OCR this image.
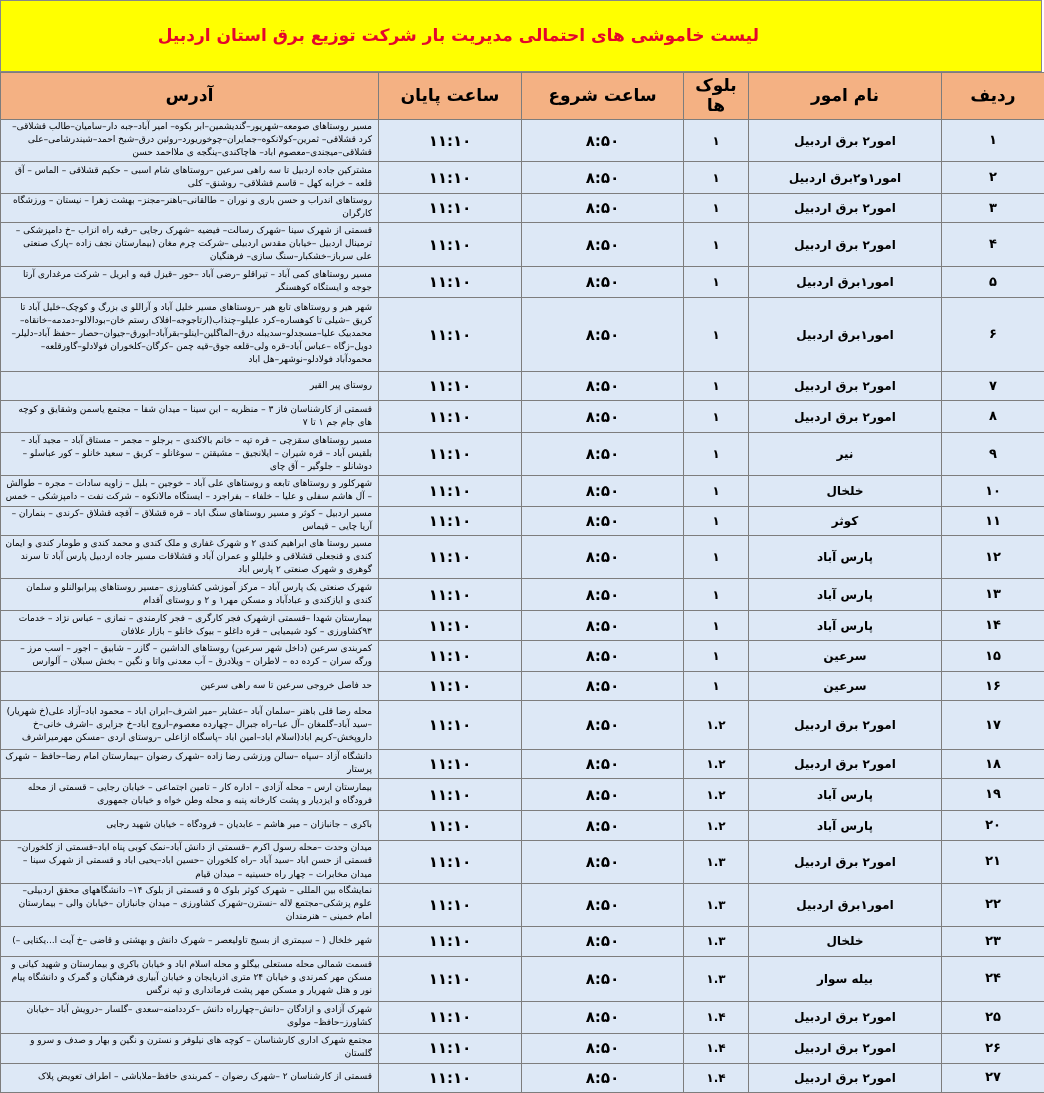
لیست خاموشی های احتمالی مدیریت بار شرکت توزیع برق استان اردبیل
ردیف	نام امور	بلوک ها	ساعت شروع	ساعت پایان	آدرس
۱	امور۲ برق اردبیل	۱	۸:۵۰	۱۱:۱۰	مسیر روستاهای صومعه–شهریور–گندیشمین–ابر بکوه– امیر آباد–جبه دار–سامیان–طالب قشلاقی–کرد قشلاقی– ثمرین–کولانکوه–جمایران–چوخوریورد–روئین درق–شیخ احمد–شیندرشامی–علی قشلاقی–میجندی–معصوم اباد– هاچاکندی–ینگجه ی ملااحمد حسن
۲	امور۱و۲برق اردبیل	۱	۸:۵۰	۱۱:۱۰	مشترکین جاده اردبیل تا سه راهی سرعین –روستاهای شام اسبی – حکیم قشلاقی – الماس – آق قلعه – خرابه کهل – قاسم قشلاقی– روشنق– کلی
۳	امور۲ برق اردبیل	۱	۸:۵۰	۱۱:۱۰	روستاهای اندراب و حسن باری و نوران – طالقانی–باهنر–مجنز– بهشت زهرا – نیستان – ورزشگاه کارگران
۴	امور۲ برق اردبیل	۱	۸:۵۰	۱۱:۱۰	قسمتی از شهرک سینا –شهرک رسالت– فیضیه –شهرک رجایی –رقیه راه انزاب –خ دامپزشکی –ترمینال اردبیل –خیابان مقدس اردبیلی –شرکت چرم مغان (بیمارستان نجف زاده –پارک صنعتی علی سرباز–خشکبار–سنگ سازی– فرهنگیان
۵	امور۱برق اردبیل	۱	۸:۵۰	۱۱:۱۰	مسیر روستاهای کمی آباد – تیراقلو –رضی آباد –حور –قیزل قیه و ابریل – شرکت مرغداری آرتا جوجه و ایستگاه کوهسنگر
۶	امور۱برق اردبیل	۱	۸:۵۰	۱۱:۱۰	شهر هیر و روستاهای تابع هیر –روستاهای مسیر خلیل آباد و آراللو ی بزرگ و کوچک–خلیل آباد تا کریق –شیلی تا کوهساره–کرد علیلو–چنذاب(ارتاجوجه–افلاک رستم خان–بودالالو–دمدمه–خانقاه–محمدبیک علیا–مسجدلو–سدیبله درق–الماگلین–اینلو–بقرآباد–ابورق–جیوان–حصار –حفظ آباد–دلیلر–دویل–زگاه –عباس آباد–قره ولی–قلعه جوق–قیه چمن –کرگان–کلخوران فولادلو–گاورقلعه–محمودآباد فولادلو–نوشهر–هل اباد
۷	امور۲ برق اردبیل	۱	۸:۵۰	۱۱:۱۰	روستای پیر القیر
۸	امور۲ برق اردبیل	۱	۸:۵۰	۱۱:۱۰	قسمتی از کارشناسان فاز ۳ – منظریه – ابن سینا – میدان شفا – مجتمع یاسمن وشقایق و کوچه های جام جم ۱ تا ۷
۹	نیر	۱	۸:۵۰	۱۱:۱۰	مسیر روستاهای سقزچی – قره تپه – خانم بالاکندی – برجلو – مجمر – مستاق آباد – مجید آباد – بلقیس آباد – قره شیران – ایلانجیق – مشیقتن – سوغانلو – کریق – سعید خانلو – کور عباسلو – دوشانلو – جلوگیر – آق چای
۱۰	خلخال	۱	۸:۵۰	۱۱:۱۰	شهرکلور و روستاهای تابعه و روستاهای علی آباد – خوجین – بلبل – زاویه سادات – مجره – طوالش – آل هاشم سفلی و علیا – خلفاء – بفراجرد – ایستگاه مالانکوه – شرکت نفت – دامپزشکی – خمس
۱۱	کوثر	۱	۸:۵۰	۱۱:۱۰	مسیر اردبیل – کوثر و مسیر روستاهای سنگ اباد – قره قشلاق – آقچه قشلاق –کرندی – بنماران – آریا چایی – قیماس
۱۲	پارس آباد	۱	۸:۵۰	۱۱:۱۰	مسیر روستا های ابراهیم کندی ۲ و شهرک غفاری و ملک کندی و محمد کندی و طومار کندی و ایمان کندی و قنجعلی قشلاقی و خلیللو و عمران آباد و قشلاقات مسیر جاده اردبیل پارس آباد تا سرند گوهری و شهرک صنعتی ۲ پارس اباد
۱۳	پارس آباد	۱	۸:۵۰	۱۱:۱۰	شهرک صنعتی یک پارس آباد – مرکز آموزشی کشاورزی –مسیر روستاهای پیرابوالنلو و سلمان کندی و ایازکندی و عبادآباد و مسکن مهر۱ و ۲ و روستای آقدام
۱۴	پارس آباد	۱	۸:۵۰	۱۱:۱۰	بیمارستان شهدا –قسمتی ازشهرک فجر کارگری – فجر کارمندی – نمازی – عباس نژاد – خدمات ۹۳کشاورزی – کود شیمیایی – قره داغلو – بیوک خانلو – بازار علافان
۱۵	سرعین	۱	۸:۵۰	۱۱:۱۰	کمربندی سرعین (داخل شهر سرعین) روستاهای الداشین – گازر – شابیق – اجور – اسب مرز – ورگه سران – کرده ده – لاطران – ویلادرق – آب معدنی واتا و نگین – بخش سبلان – آلوارس
۱۶	سرعین	۱	۸:۵۰	۱۱:۱۰	حد فاصل خروجی سرعین تا سه راهی سرعین
۱۷	امور۲ برق اردبیل	۱.۲	۸:۵۰	۱۱:۱۰	محله رضا قلی باهنر –سلمان آباد –عشایر –میر اشرف–ابران اباد – محمود اباد–آزاد علی(خ شهریار) –سید آباد–گلمغان –آل عبا–راه جبرال –چهارده معصوم–اروج اباد–خ جزایری –اشرف خانی–خ داروپخش–کریم اباد(اسلام اباد–امین اباد –پاسگاه ازاعلی –روستای اردی –مسکن مهرمیراشرف
۱۸	امور۲ برق اردبیل	۱.۲	۸:۵۰	۱۱:۱۰	دانشگاه آزاد –سپاه –سالن ورزشی رضا زاده –شهرک رضوان –بیمارستان امام رضا–حافظ – شهرک پرستار
۱۹	پارس آباد	۱.۲	۸:۵۰	۱۱:۱۰	بیمارستان ارس – محله آزادی – اداره کار – تامین اجتماعی – خیابان رجایی – قسمتی از محله فرودگاه و ایزدیار و پشت کارخانه پنبه و محله وطن خواه و خیابان جمهوری
۲۰	پارس آباد	۱.۲	۸:۵۰	۱۱:۱۰	باکری – جانبازان – میر هاشم – عابدیان – فرودگاه – خیابان شهید رجایی
۲۱	امور۲ برق اردبیل	۱.۳	۸:۵۰	۱۱:۱۰	میدان وحدت –محله رسول اکرم –قسمتی از دانش آباد–نمک کوبی پناه اباد–قسمتی از کلخوران–قسمتی از حسن اباد –سید آباد –راه کلخوران –حسین اباد–یحیی اباد و قسمتی از شهرک سینا –میدان مخابرات – چهار راه حسینیه – میدان قیام
۲۲	امور۱برق اردبیل	۱.۳	۸:۵۰	۱۱:۱۰	نمایشگاه بین المللی – شهرک کوثر بلوک ۵ و قسمتی از بلوک ۱۴– دانشگاههای محقق اردبیلی–علوم پزشکی–مجتمع لاله –نسترن–شهرک کشاورزی – میدان جانبازان –خیابان والی – بیمارستان امام خمینی – هنرمندان
۲۳	خلخال	۱.۳	۸:۵۰	۱۱:۱۰	شهر خلخال ( – سیمتری از بسیج تاولیعصر – شهرک دانش و بهشتی و قاضی –خ آیت ا...یکتایی –)
۲۴	بیله سوار	۱.۳	۸:۵۰	۱۱:۱۰	قسمت شمالی محله مستعلی بیگلو و محله اسلام اباد و خیابان باکری و بیمارستان و شهید کیانی و مسکن مهر کمرندی و خیابان ۲۴ متری اذربایجان و خیابان آبیاری فرهنگیان و گمرک و دانشگاه پیام نور و هتل شهریار و مسکن مهر پشت فرمانداری و تپه نرگس
۲۵	امور۲ برق اردبیل	۱.۴	۸:۵۰	۱۱:۱۰	شهرک آزادی و ازادگان –دانش–چهارراه دانش –کرددامنه–سعدی –گلسار –درویش آباد –خیابان کشاورز–حافظ– مولوی
۲۶	امور۲ برق اردبیل	۱.۴	۸:۵۰	۱۱:۱۰	مجتمع شهرک اداری کارشناسان – کوچه های نیلوفر و نسترن و نگین و بهار و صدف و سرو و گلستان
۲۷	امور۲ برق اردبیل	۱.۴	۸:۵۰	۱۱:۱۰	قسمتی از کارشناسان ۲ –شهرک رضوان – کمربندی حافظ–ملاباشی – اطراف تعویض پلاک
